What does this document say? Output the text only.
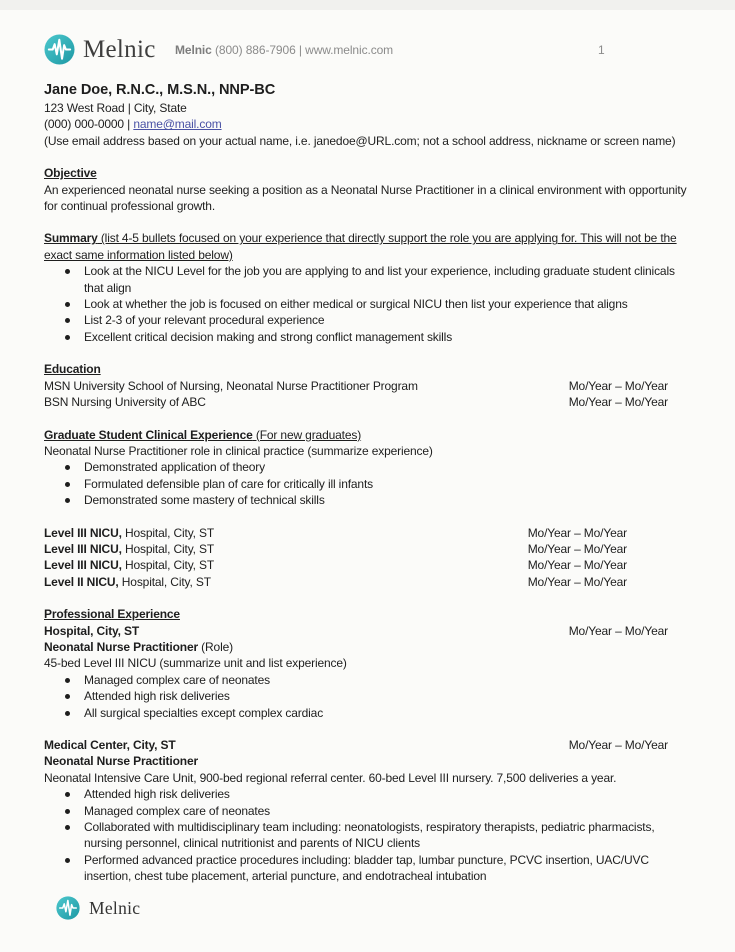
Melnic Melnic (800) 886-7906 | www.melnic.com	1
Jane Doe, R.N.C., M.S.N., NNP-BC
123 West Road | City, State
(000) 000-0000 | name@mail.com
(Use email address based on your actual name, i.e. janedoe@URL.com; not a school address, nickname or screen name)
Objective
An experienced neonatal nurse seeking a position as a Neonatal Nurse Practitioner in a clinical environment with opportunity for continual professional growth.
Summary (list 4-5 bullets focused on your experience that directly support the role you are applying for. This will not be the exact same information listed below)
Look at the NICU Level for the job you are applying to and list your experience, including graduate student clinicals that align
Look at whether the job is focused on either medical or surgical NICU then list your experience that aligns
List 2-3 of your relevant procedural experience
Excellent critical decision making and strong conflict management skills
Education
MSN University School of Nursing, Neonatal Nurse Practitioner Program	Mo/Year – Mo/Year
BSN Nursing University of ABC	Mo/Year – Mo/Year
Graduate Student Clinical Experience (For new graduates)
Neonatal Nurse Practitioner role in clinical practice (summarize experience)
Demonstrated application of theory
Formulated defensible plan of care for critically ill infants
Demonstrated some mastery of technical skills
Level III NICU, Hospital, City, ST	Mo/Year – Mo/Year
Level III NICU, Hospital, City, ST	Mo/Year – Mo/Year
Level III NICU, Hospital, City, ST	Mo/Year – Mo/Year
Level II NICU, Hospital, City, ST	Mo/Year – Mo/Year
Professional Experience
Hospital, City, ST	Mo/Year – Mo/Year
Neonatal Nurse Practitioner (Role)
45-bed Level III NICU (summarize unit and list experience)
Managed complex care of neonates
Attended high risk deliveries
All surgical specialties except complex cardiac
Medical Center, City, ST	Mo/Year – Mo/Year
Neonatal Nurse Practitioner
Neonatal Intensive Care Unit, 900-bed regional referral center. 60-bed Level III nursery. 7,500 deliveries a year.
Attended high risk deliveries
Managed complex care of neonates
Collaborated with multidisciplinary team including: neonatologists, respiratory therapists, pediatric pharmacists, nursing personnel, clinical nutritionist and parents of NICU clients
Performed advanced practice procedures including: bladder tap, lumbar puncture, PCVC insertion, UAC/UVC insertion, chest tube placement, arterial puncture, and endotracheal intubation
Melnic
